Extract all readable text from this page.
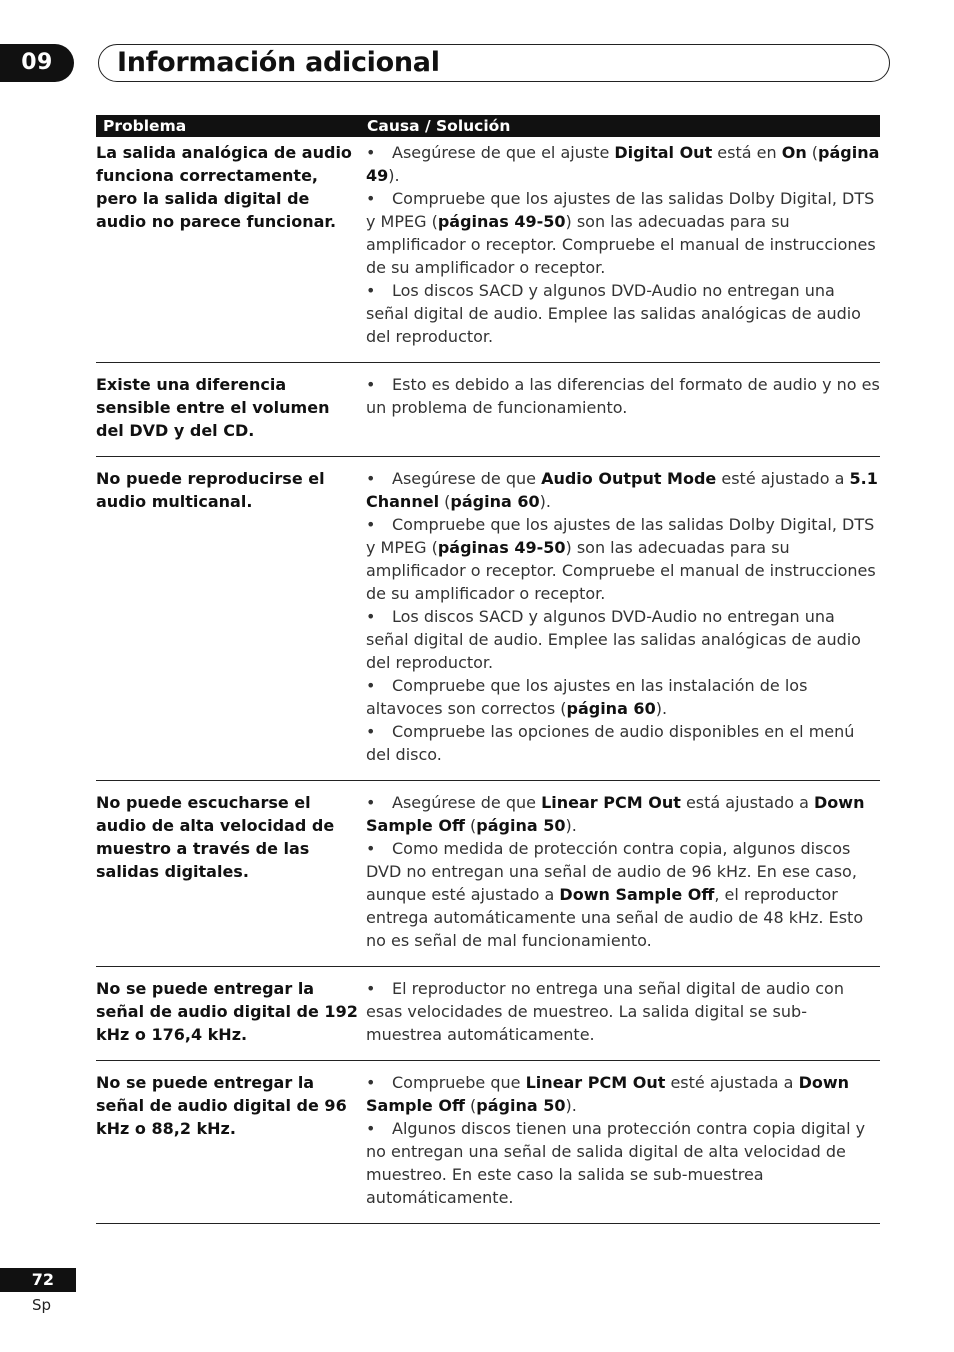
09	Información adicional
Problema	Causa / Solución
La salida analógica de audio funciona correctamente, pero la salida digital de audio no parece funcionar.
• Asegúrese de que el ajuste Digital Out está en On (página 49).
• Compruebe que los ajustes de las salidas Dolby Digital, DTS y MPEG (páginas 49-50) son las adecuadas para su amplificador o receptor. Compruebe el manual de instrucciones de su amplificador o receptor.
• Los discos SACD y algunos DVD-Audio no entregan una señal digital de audio. Emplee las salidas analógicas de audio del reproductor.
Existe una diferencia sensible entre el volumen del DVD y del CD.
• Esto es debido a las diferencias del formato de audio y no es un problema de funcionamiento.
No puede reproducirse el audio multicanal.
• Asegúrese de que Audio Output Mode esté ajustado a 5.1 Channel (página 60).
• Compruebe que los ajustes de las salidas Dolby Digital, DTS y MPEG (páginas 49-50) son las adecuadas para su amplificador o receptor. Compruebe el manual de instrucciones de su amplificador o receptor.
• Los discos SACD y algunos DVD-Audio no entregan una señal digital de audio. Emplee las salidas analógicas de audio del reproductor.
• Compruebe que los ajustes en las instalación de los altavoces son correctos (página 60).
• Compruebe las opciones de audio disponibles en el menú del disco.
No puede escucharse el audio de alta velocidad de muestro a través de las salidas digitales.
• Asegúrese de que Linear PCM Out está ajustado a Down Sample Off (página 50).
• Como medida de protección contra copia, algunos discos DVD no entregan una señal de audio de 96 kHz. En ese caso, aunque esté ajustado a Down Sample Off, el reproductor entrega automáticamente una señal de audio de 48 kHz. Esto no es señal de mal funcionamiento.
No se puede entregar la señal de audio digital de 192 kHz o 176,4 kHz.
• El reproductor no entrega una señal digital de audio con esas velocidades de muestreo. La salida digital se sub-muestrea automáticamente.
No se puede entregar la señal de audio digital de 96 kHz o 88,2 kHz.
• Compruebe que Linear PCM Out esté ajustada a Down Sample Off (página 50).
• Algunos discos tienen una protección contra copia digital y no entregan una señal de salida digital de alta velocidad de muestreo. En este caso la salida se sub-muestrea automáticamente.
72
Sp
